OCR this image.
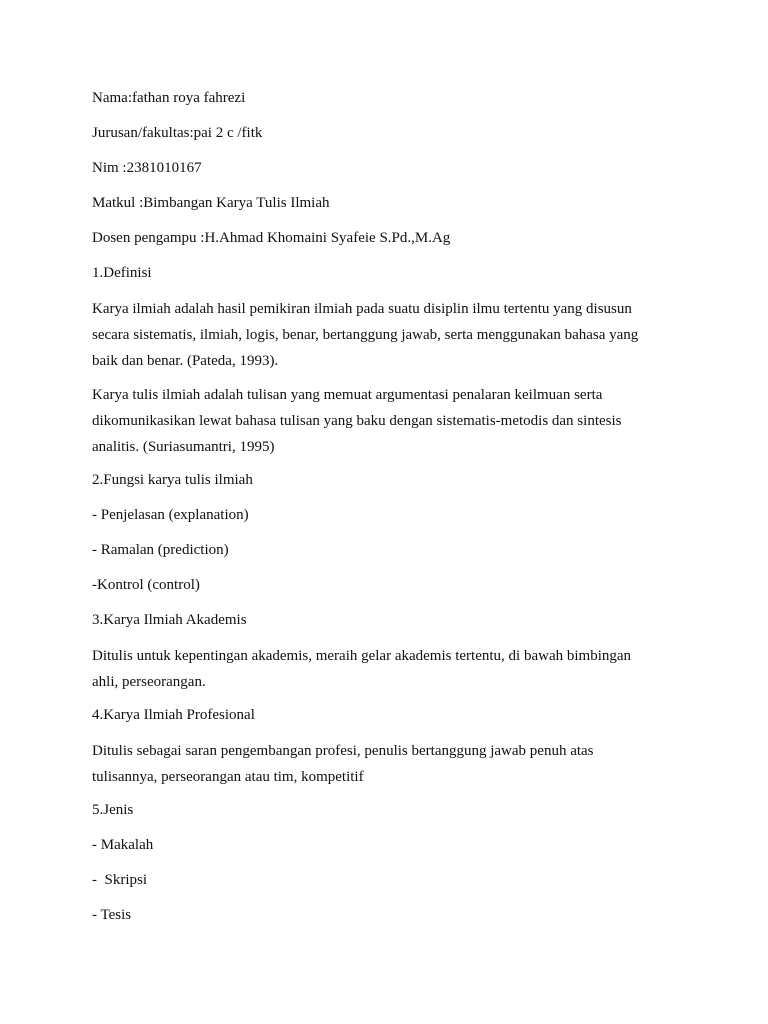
Nama:fathan roya fahrezi

Jurusan/fakultas:pai 2 c /fitk

Nim :2381010167

Matkul :Bimbangan Karya Tulis Ilmiah

Dosen pengampu :H.Ahmad Khomaini Syafeie S.Pd.,M.Ag

1.Definisi

Karya ilmiah adalah hasil pemikiran ilmiah pada suatu disiplin ilmu tertentu yang disusun
secara sistematis, ilmiah, logis, benar, bertanggung jawab, serta menggunakan bahasa yang
baik dan benar. (Pateda, 1993).
Karya tulis ilmiah adalah tulisan yang memuat argumentasi penalaran keilmuan serta
dikomunikasikan lewat bahasa tulisan yang baku dengan sistematis-metodis dan sintesis
analitis. (Suriasumantri, 1995)

2.Fungsi karya tulis ilmiah

- Penjelasan (explanation)

- Ramalan (prediction)

-Kontrol (control)

3.Karya Ilmiah Akademis

Ditulis untuk kepentingan akademis, meraih gelar akademis tertentu, di bawah bimbingan
ahli, perseorangan.

4.Karya Ilmiah Profesional

Ditulis sebagai saran pengembangan profesi, penulis bertanggung jawab penuh atas
tulisannya, perseorangan atau tim, kompetitif

5.Jenis

- Makalah

-  Skripsi

- Tesis
